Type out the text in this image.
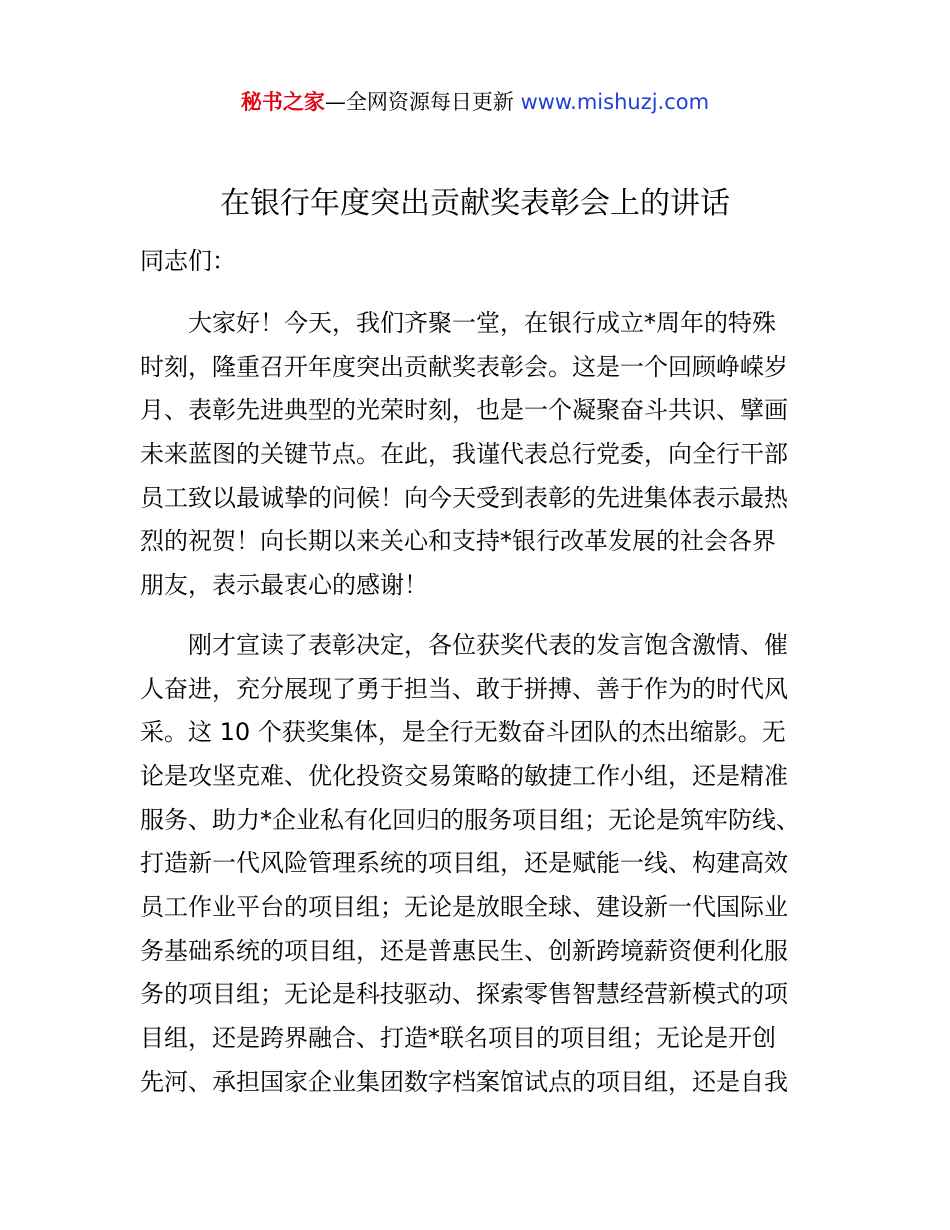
秘书之家—全网资源每日更新 www.mishuzj.com
在银行年度突出贡献奖表彰会上的讲话

同志们：

大家好！今天，我们齐聚一堂，在银行成立*周年的特殊
时刻，隆重召开年度突出贡献奖表彰会。这是一个回顾峥嵘岁
月、表彰先进典型的光荣时刻，也是一个凝聚奋斗共识、擘画
未来蓝图的关键节点。在此，我谨代表总行党委，向全行干部
员工致以最诚挚的问候！向今天受到表彰的先进集体表示最热
烈的祝贺！向长期以来关心和支持*银行改革发展的社会各界
朋友，表示最衷心的感谢！
刚才宣读了表彰决定，各位获奖代表的发言饱含激情、催
人奋进，充分展现了勇于担当、敢于拼搏、善于作为的时代风
采。这 10 个获奖集体，是全行无数奋斗团队的杰出缩影。无
论是攻坚克难、优化投资交易策略的敏捷工作小组，还是精准
服务、助力*企业私有化回归的服务项目组；无论是筑牢防线、
打造新一代风险管理系统的项目组，还是赋能一线、构建高效
员工作业平台的项目组；无论是放眼全球、建设新一代国际业
务基础系统的项目组，还是普惠民生、创新跨境薪资便利化服
务的项目组；无论是科技驱动、探索零售智慧经营新模式的项
目组，还是跨界融合、打造*联名项目的项目组；无论是开创
先河、承担国家企业集团数字档案馆试点的项目组，还是自我
